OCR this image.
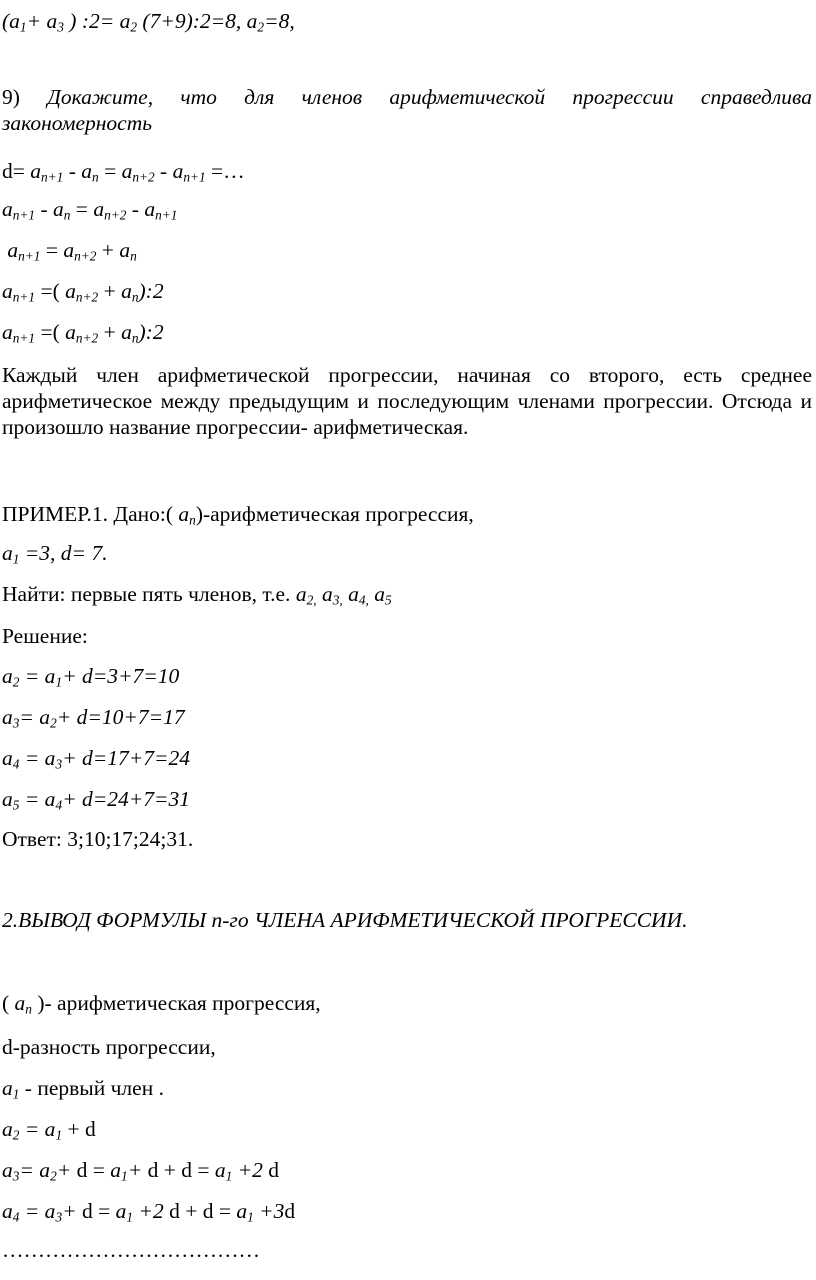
($a_1+ a_3$ ) :2= $a_2$ (7+9):2=8, $a_2=8$,
9) Докажите, что для членов арифметической прогрессии справедлива закономерность
$d= a_{n+1} - a_n = a_{n+2} - a_{n+1}$ =…
$a_{n+1} - a_n = a_{n+2} - a_{n+1}$
$a_{n+1} = a_{n+2} + a_n$
$a_{n+1}$ =( $a_{n+2}$ + $a_n):2$
$a_{n+1}$ =( $a_{n+2}$ + $a_n):2$
Каждый член арифметической прогрессии, начиная со второго, есть среднее арифметическое между предыдущим и последующим членами прогрессии. Отсюда и произошло название прогрессии- арифметическая.
ПРИМЕР.1. Дано:( $a_n$)-арифметическая прогрессия,
$a_1 =3$, d= 7.
Найти: первые пять членов, т.е. $a_{2,}$ $a_{3,}$ $a_{4,}$ $a_5$
Решение:
$a_2 = a_1+ d=3+7=10$
$a_3= a_2+ d=10+7=17$
$a_4 = a_3+ d=17+7=24$
$a_5 = a_4+ d=24+7=31$
Ответ: 3;10;17;24;31.
2.ВЫВОД ФОРМУЛЫ n-го ЧЛЕНА АРИФМЕТИЧЕСКОЙ ПРОГРЕССИИ.
( $a_n$ )- арифметическая прогрессия,
d-разность прогрессии,
$a_1$ - первый член .
$a_2 = a_1 + d$
$a_3= a_2+ d = a_1+ d + d = a_1 +2$ d
$a_4 = a_3+ d = a_1 +2$ $d + d = a_1 +3d$
………………………………
